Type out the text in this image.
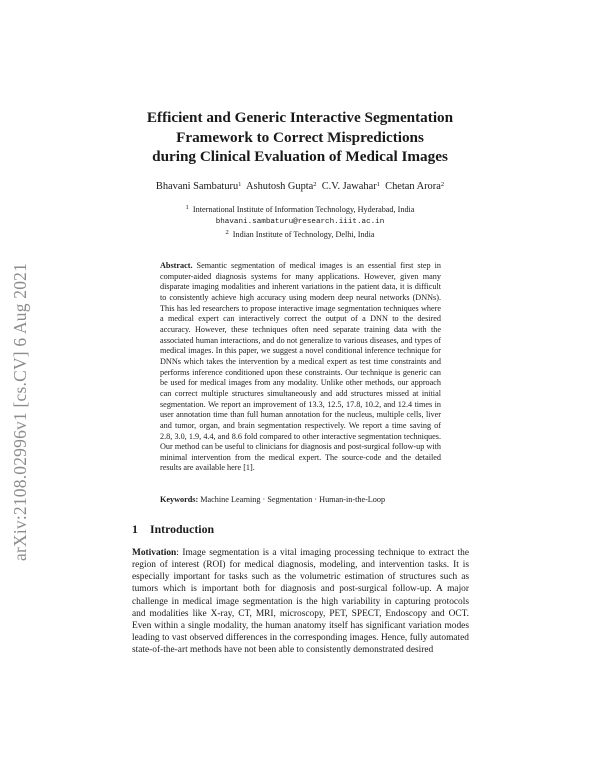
arXiv:2108.02996v1 [cs.CV] 6 Aug 2021
Efficient and Generic Interactive Segmentation
Framework to Correct Mispredictions
during Clinical Evaluation of Medical Images
Bhavani Sambaturu$^1$ Ashutosh Gupta$^2$ C.V. Jawahar$^1$ Chetan Arora$^2$
$^1$ International Institute of Information Technology, Hyderabad, India
bhavani.sambaturu@research.iiit.ac.in
$^2$ Indian Institute of Technology, Delhi, India
Abstract. Semantic segmentation of medical images is an essential first step in computer-aided diagnosis systems for many applications. However, given many disparate imaging modalities and inherent variations in the patient data, it is difficult to consistently achieve high accuracy using modern deep neural networks (DNNs). This has led researchers to propose interactive image segmentation techniques where a medical expert can interactively correct the output of a DNN to the desired accuracy. However, these techniques often need separate training data with the associated human interactions, and do not generalize to various diseases, and types of medical images. In this paper, we suggest a novel conditional inference technique for DNNs which takes the intervention by a medical expert as test time constraints and performs inference conditioned upon these constraints. Our technique is generic can be used for medical images from any modality. Unlike other methods, our approach can correct multiple structures simultaneously and add structures missed at initial segmentation. We report an improvement of 13.3, 12.5, 17.8, 10.2, and 12.4 times in user annotation time than full human annotation for the nucleus, multiple cells, liver and tumor, organ, and brain segmentation respectively. We report a time saving of 2.8, 3.0, 1.9, 4.4, and 8.6 fold compared to other interactive segmentation techniques. Our method can be useful to clinicians for diagnosis and post-surgical follow-up with minimal intervention from the medical expert. The source-code and the detailed results are available here [1].
Keywords: Machine Learning · Segmentation · Human-in-the-Loop
1 Introduction
Motivation: Image segmentation is a vital imaging processing technique to extract the region of interest (ROI) for medical diagnosis, modeling, and intervention tasks. It is especially important for tasks such as the volumetric estimation of structures such as tumors which is important both for diagnosis and post-surgical follow-up. A major challenge in medical image segmentation is the high variability in capturing protocols and modalities like X-ray, CT, MRI, microscopy, PET, SPECT, Endoscopy and OCT. Even within a single modality, the human anatomy itself has significant variation modes leading to vast observed differences in the corresponding images. Hence, fully automated state-of-the-art methods have not been able to consistently demonstrated desired
